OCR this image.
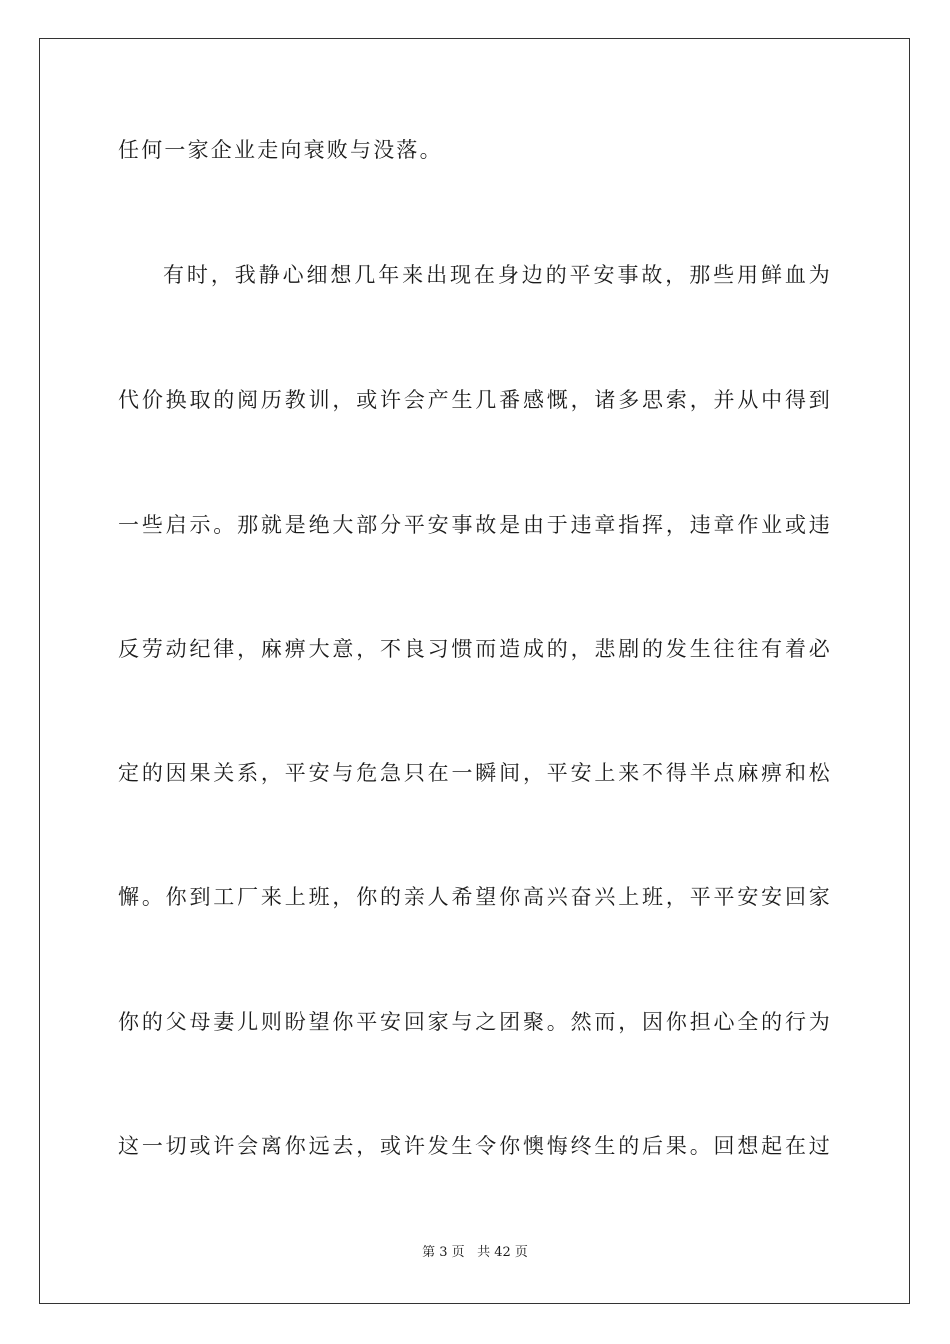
任何一家企业走向衰败与没落。
有时，我静心细想几年来出现在身边的平安事故，那些用鲜血为
代价换取的阅历教训，或许会产生几番感慨，诸多思索，并从中得到
一些启示。那就是绝大部分平安事故是由于违章指挥，违章作业或违
反劳动纪律，麻痹大意，不良习惯而造成的，悲剧的发生往往有着必
定的因果关系，平安与危急只在一瞬间，平安上来不得半点麻痹和松
懈。你到工厂来上班，你的亲人希望你高兴奋兴上班，平平安安回家
你的父母妻儿则盼望你平安回家与之团聚。然而，因你担心全的行为
这一切或许会离你远去，或许发生令你懊悔终生的后果。回想起在过
第 3 页 共 42 页
